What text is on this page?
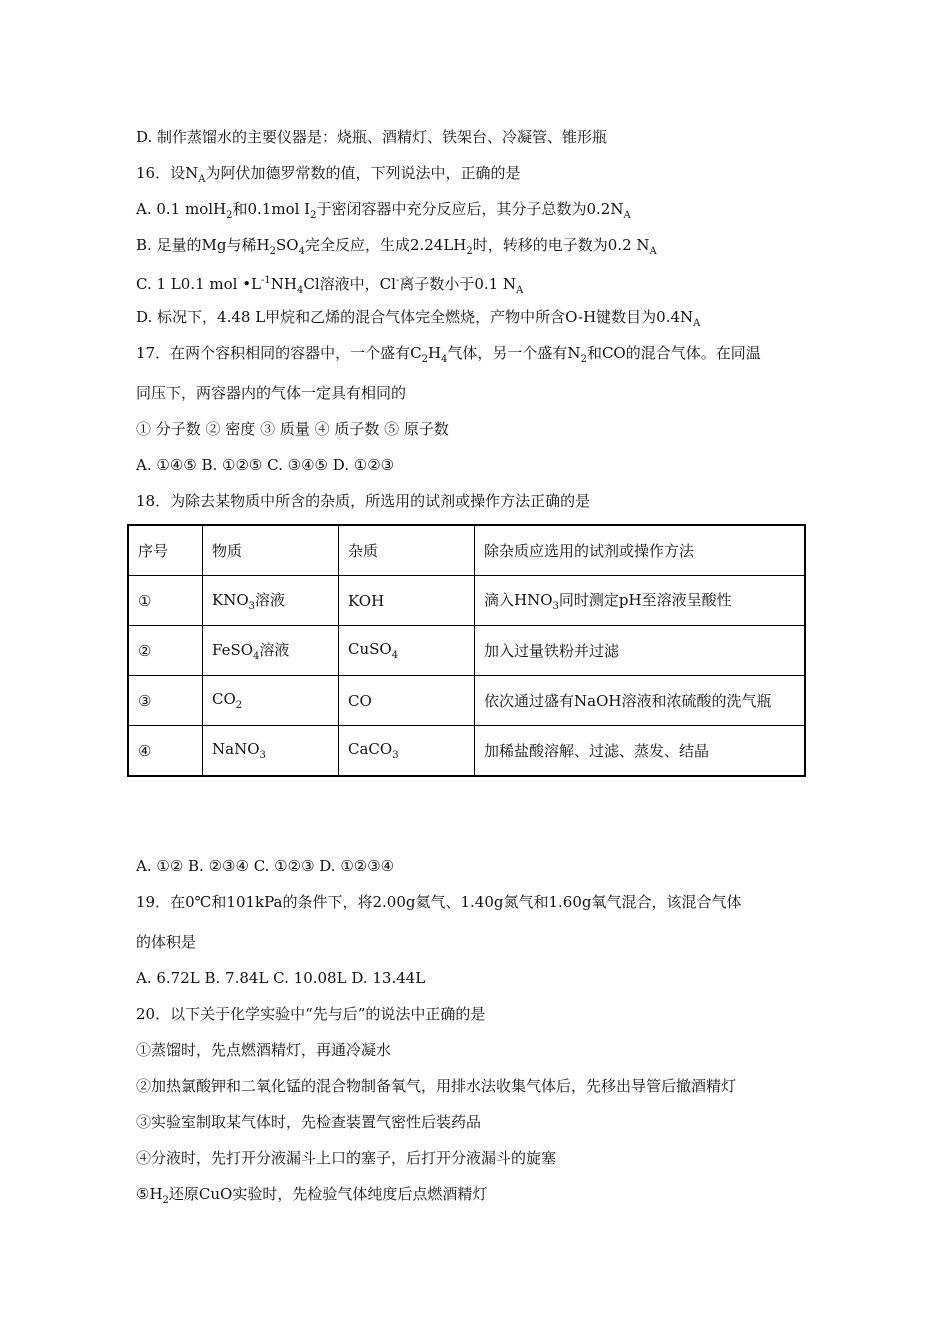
D. 制作蒸馏水的主要仪器是：烧瓶、酒精灯、铁架台、冷凝管、锥形瓶
16．设$N_A$为阿伏加德罗常数的值，下列说法中，正确的是
A. 0.1 molH$_2$和0.1mol $I_2$于密闭容器中充分反应后，其分子总数为$0.2N_A$
B. 足量的Mg与稀$H_2SO_4$完全反应，生成$2.24LH_2$时，转移的电子数为0.2 $N_A$
C. 1 L0.1 mol $•L^{-1}NH_4Cl$溶液中，Cl-离子数小于0.1 $N_A$
D. 标况下，4.48 L甲烷和乙烯的混合气体完全燃烧，产物中所含O-H键数目为$0.4N_A$
17．在两个容积相同的容器中，一个盛有$C_2H_4$气体，另一个盛有$N_2$和CO的混合气体。在同温
同压下，两容器内的气体一定具有相同的
① 分子数 ② 密度 ③ 质量 ④ 质子数 ⑤ 原子数
A. ①④⑤ B. ①②⑤ C. ③④⑤ D. ①②③
18．为除去某物质中所含的杂质，所选用的试剂或操作方法正确的是
序号	物质	杂质	除杂质应选用的试剂或操作方法
①	$KNO_3$溶液	KOH	滴入$HNO_3$同时测定pH至溶液呈酸性
②	FeSO$_4$溶液	CuSO$_4$	加入过量铁粉并过滤
③	$CO_2$	CO	依次通过盛有NaOH溶液和浓硫酸的洗气瓶
④	NaNO$_3$	CaCO$_3$	加稀盐酸溶解、过滤、蒸发、结晶
A. ①② B. ②③④ C. ①②③ D. ①②③④
19．在0℃和101kPa的条件下，将2.00g氦气、1.40g氮气和1.60g氧气混合，该混合气体
的体积是
A. 6.72L B. 7.84L C. 10.08L D. 13.44L
20．以下关于化学实验中“先与后”的说法中正确的是
①蒸馏时，先点燃酒精灯，再通冷凝水
②加热氯酸钾和二氧化锰的混合物制备氧气，用排水法收集气体后，先移出导管后撤酒精灯
③实验室制取某气体时，先检查装置气密性后装药品
④分液时，先打开分液漏斗上口的塞子，后打开分液漏斗的旋塞
$⑤H_2$还原CuO实验时，先检验气体纯度后点燃酒精灯
